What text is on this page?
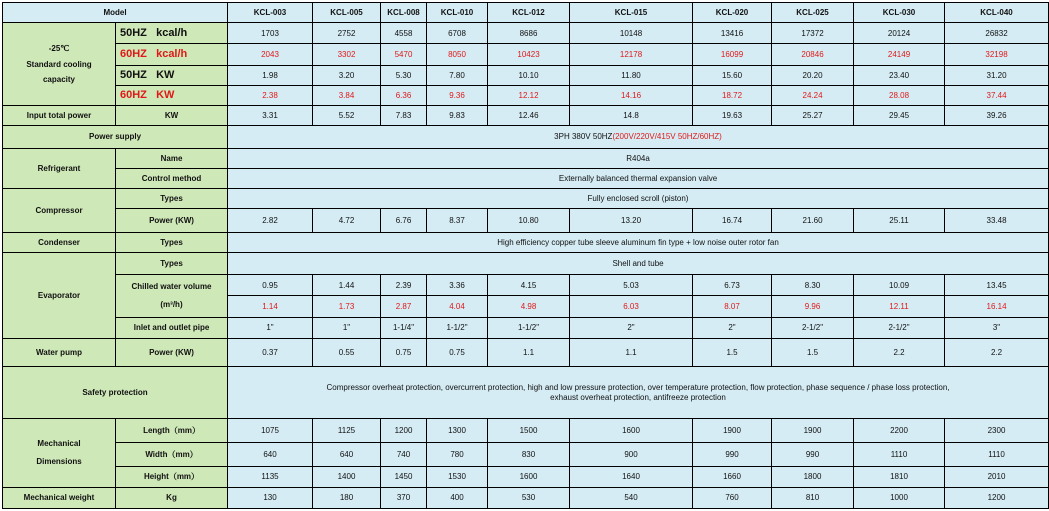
Model		KCL-003	KCL-005	KCL-008	KCL-010	KCL-012	KCL-015	KCL-020	KCL-025	KCL-030	KCL-040
-25℃
Standard cooling
capacity	50HZ kcal/h	1703	2752	4558	6708	8686	10148	13416	17372	20124	26832
	60HZ kcal/h	2043	3302	5470	8050	10423	12178	16099	20846	24149	32198
	50HZ KW	1.98	3.20	5.30	7.80	10.10	11.80	15.60	20.20	23.40	31.20
	60HZ KW	2.38	3.84	6.36	9.36	12.12	14.16	18.72	24.24	28.08	37.44
Input total power	KW	3.31	5.52	7.83	9.83	12.46	14.8	19.63	25.27	29.45	39.26
Power supply		3PH 380V 50HZ(200V/220V/415V 50HZ/60HZ)									
Refrigerant	Name	R404a									
	Control method	Externally balanced thermal expansion valve									
Compressor	Types	Fully enclosed scroll (piston)									
	Power (KW)	2.82	4.72	6.76	8.37	10.80	13.20	16.74	21.60	25.11	33.48
Condenser	Types	High efficiency copper tube sleeve aluminum fin type + low noise outer rotor fan									
Evaporator	Types	Shell and tube									
	Chilled water volume
(m³/h)	0.95	1.44	2.39	3.36	4.15	5.03	6.73	8.30	10.09	13.45
		1.14	1.73	2.87	4.04	4.98	6.03	8.07	9.96	12.11	16.14
	Inlet and outlet pipe	1"	1"	1-1/4"	1-1/2"	1-1/2"	2"	2"	2-1/2"	2-1/2"	3"
Water pump	Power (KW)	0.37	0.55	0.75	0.75	1.1	1.1	1.5	1.5	2.2	2.2
Safety protection		Compressor overheat protection, overcurrent protection, high and low pressure protection, over temperature protection, flow protection, phase sequence / phase loss protection,
exhaust overheat protection, antifreeze protection									
Mechanical
Dimensions	Length（mm）	1075	1125	1200	1300	1500	1600	1900	1900	2200	2300
	Width（mm）	640	640	740	780	830	900	990	990	1110	1110
	Height（mm）	1135	1400	1450	1530	1600	1640	1660	1800	1810	2010
Mechanical weight	Kg	130	180	370	400	530	540	760	810	1000	1200
